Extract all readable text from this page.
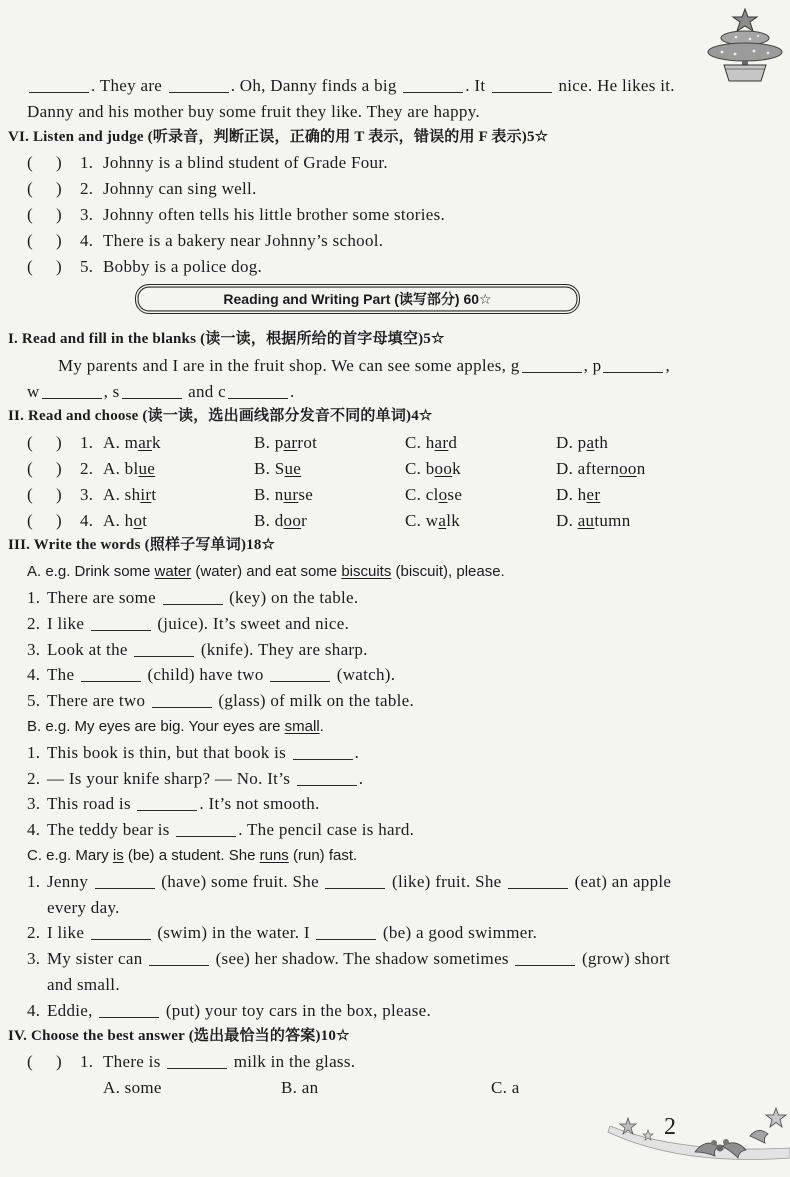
. They are	. Oh, Danny finds a big	. It	nice. He likes it.
Danny and his mother buy some fruit they like. They are happy.
VI. Listen and judge (听录音，判断正误，正确的用 T 表示，错误的用 F 表示)5☆
( ) 1. Johnny is a blind student of Grade Four.
( ) 2. Johnny can sing well.
( ) 3. Johnny often tells his little brother some stories.
( ) 4. There is a bakery near Johnny’s school.
( ) 5. Bobby is a police dog.
Reading and Writing Part (读写部分) 60☆
I. Read and fill in the blanks (读一读，根据所给的首字母填空)5☆
My parents and I are in the fruit shop. We can see some apples, g	, p	,
w	, s	and c	.
II. Read and choose (读一读，选出画线部分发音不同的单词)4☆
( ) 1. A. mark	B. parrot	C. hard	D. path
( ) 2. A. blue	B. Sue	C. book	D. afternoon
( ) 3. A. shirt	B. nurse	C. close	D. her
( ) 4. A. hot	B. door	C. walk	D. autumn
III. Write the words (照样子写单词)18☆
A. e.g. Drink some water (water) and eat some biscuits (biscuit), please.
1. There are some	(key) on the table.
2. I like	(juice). It’s sweet and nice.
3. Look at the	(knife). They are sharp.
4. The	(child) have two	(watch).
5. There are two	(glass) of milk on the table.
B. e.g. My eyes are big. Your eyes are small.
1. This book is thin, but that book is	.
2. — Is your knife sharp? — No. It’s	.
3. This road is	. It’s not smooth.
4. The teddy bear is	. The pencil case is hard.
C. e.g. Mary is (be) a student. She runs (run) fast.
1. Jenny	(have) some fruit. She	(like) fruit. She	(eat) an apple
every day.
2. I like	(swim) in the water. I	(be) a good swimmer.
3. My sister can	(see) her shadow. The shadow sometimes	(grow) short
and small.
4. Eddie,	(put) your toy cars in the box, please.
IV. Choose the best answer (选出最恰当的答案)10☆
( ) 1. There is	milk in the glass.
A. some	B. an	C. a
2
